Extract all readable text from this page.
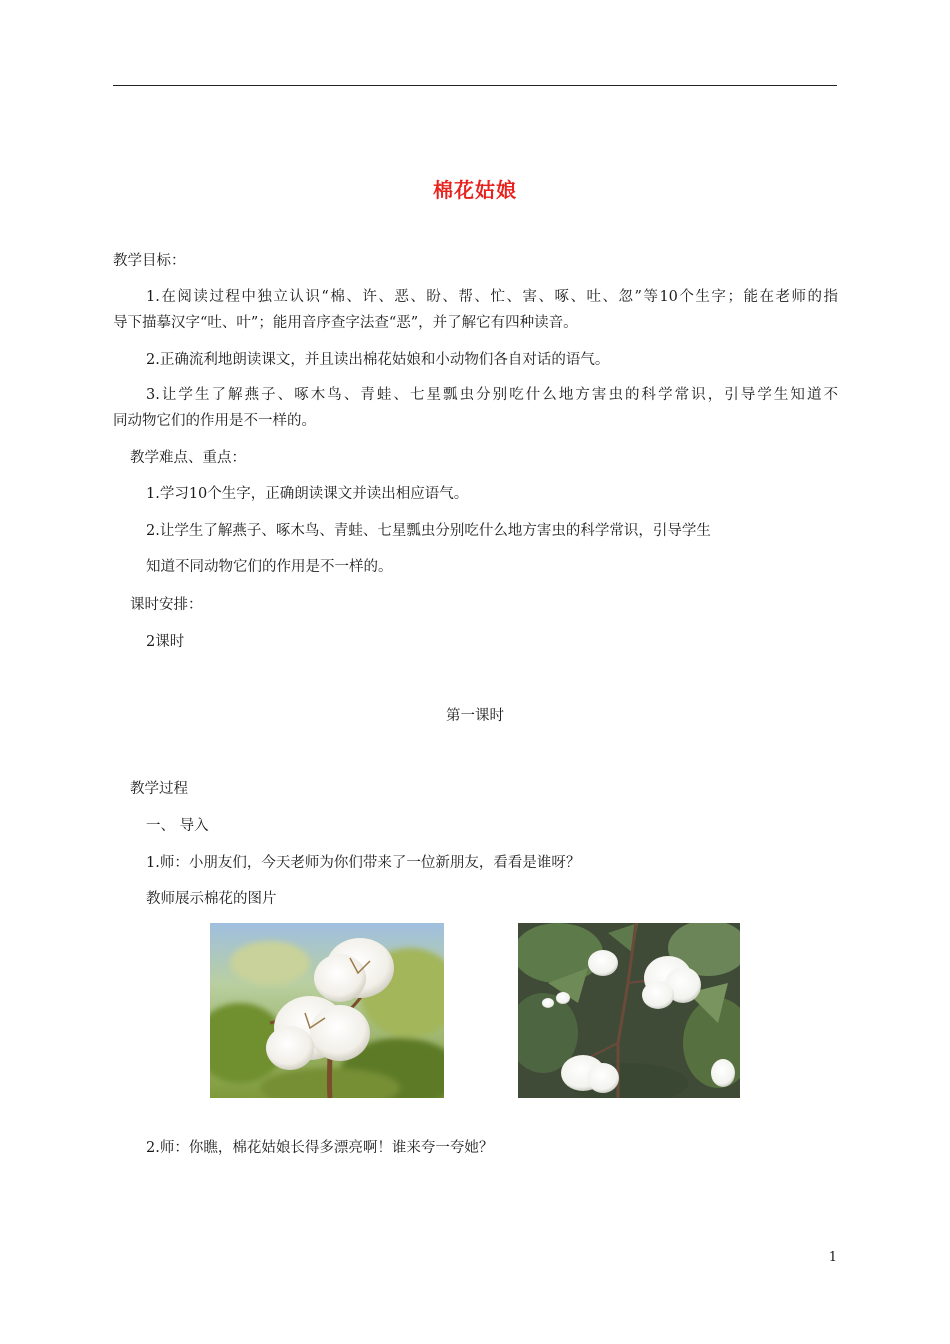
棉花姑娘
教学目标：
1.在阅读过程中独立认识“棉、许、恶、盼、帮、忙、害、啄、吐、忽”等10个生字；能在老师的指
导下描摹汉字“吐、叶”；能用音序查字法查“恶”，并了解它有四种读音。
2.正确流利地朗读课文，并且读出棉花姑娘和小动物们各自对话的语气。
3.让学生了解燕子、啄木鸟、青蛙、七星瓢虫分别吃什么地方害虫的科学常识，引导学生知道不
同动物它们的作用是不一样的。
教学难点、重点：
1.学习10个生字，正确朗读课文并读出相应语气。
2.让学生了解燕子、啄木鸟、青蛙、七星瓢虫分别吃什么地方害虫的科学常识，引导学生
知道不同动物它们的作用是不一样的。
课时安排：
2课时
第一课时
教学过程
一、 导入
1.师：小朋友们，今天老师为你们带来了一位新朋友，看看是谁呀？
教师展示棉花的图片
2.师：你瞧，棉花姑娘长得多漂亮啊！谁来夸一夸她？
1
